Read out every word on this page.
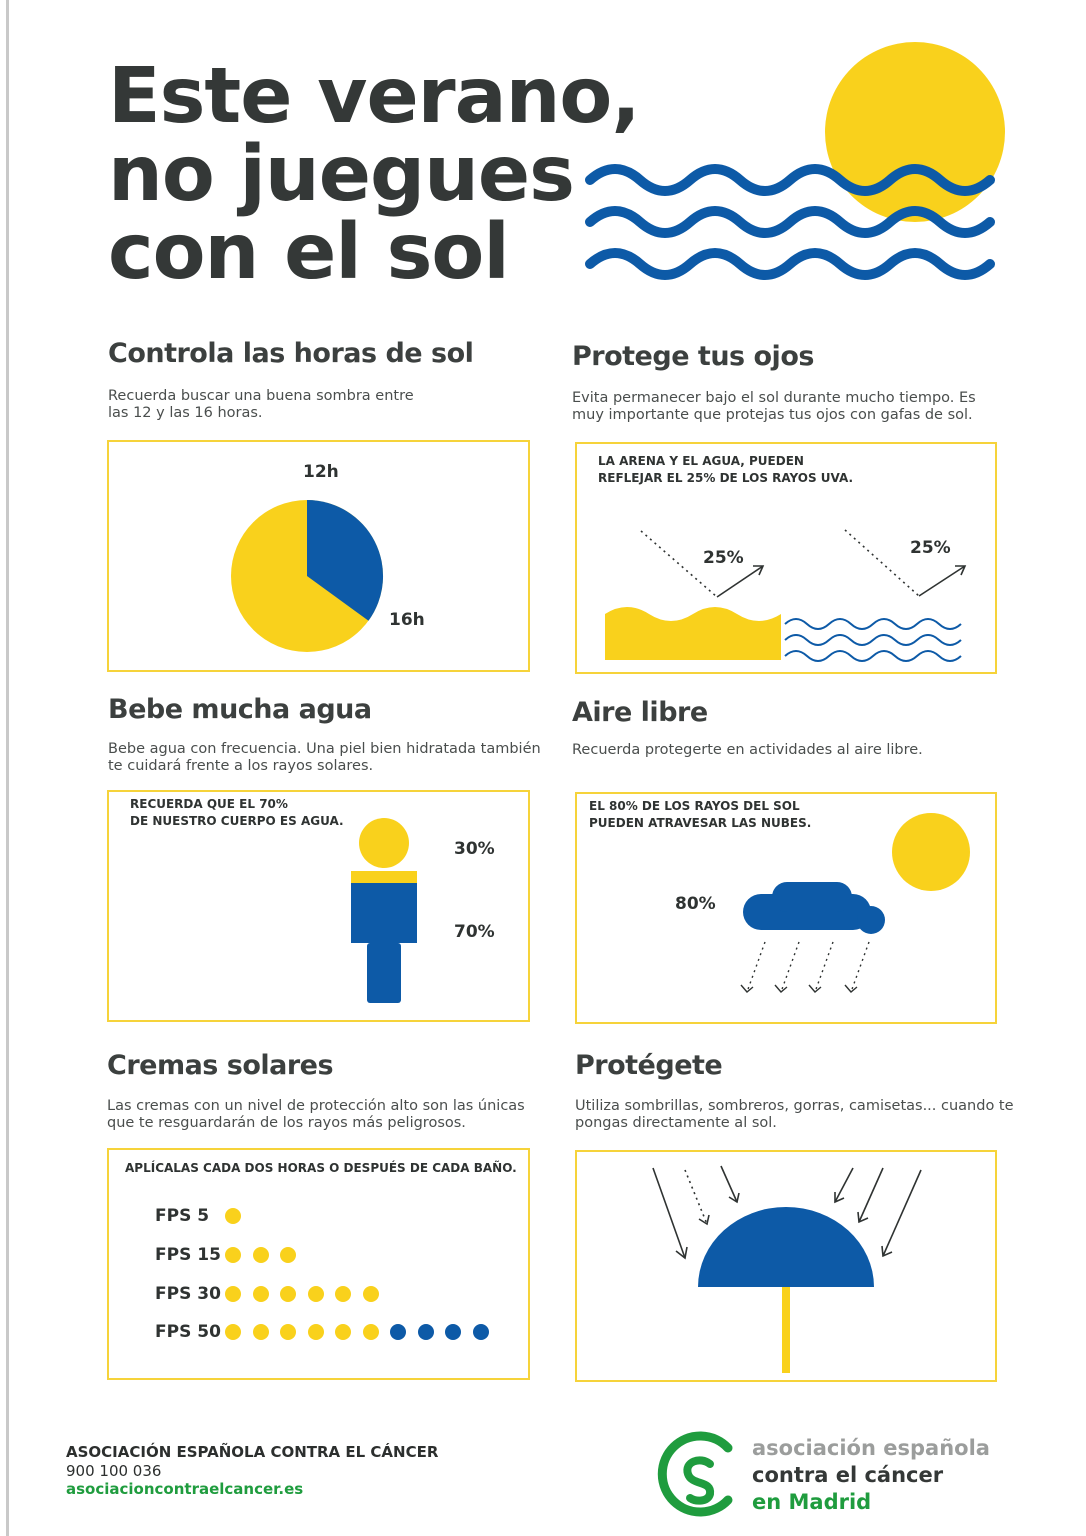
Este verano,
no juegues
con el sol
Controla las horas de sol

Recuerda buscar una buena sombra entre
las 12 y las 16 horas.

12h
16h
Protege tus ojos

Evita permanecer bajo el sol durante mucho tiempo. Es
muy importante que protejas tus ojos con gafas de sol.

LA ARENA Y EL AGUA, PUEDEN
REFLEJAR EL 25% DE LOS RAYOS UVA.

25%	25%
Bebe mucha agua

Bebe agua con frecuencia. Una piel bien hidratada también
te cuidará frente a los rayos solares.

RECUERDA QUE EL 70%
DE NUESTRO CUERPO ES AGUA.

30%
70%
Aire libre

Recuerda protegerte en actividades al aire libre.

EL 80% DE LOS RAYOS DEL SOL
PUEDEN ATRAVESAR LAS NUBES.

80%
Cremas solares

Las cremas con un nivel de protección alto son las únicas
que te resguardarán de los rayos más peligrosos.

APLÍCALAS CADA DOS HORAS O DESPUÉS DE CADA BAÑO.

FPS 5
FPS 15
FPS 30
FPS 50
Protégete

Utiliza sombrillas, sombreros, gorras, camisetas... cuando te
pongas directamente al sol.

ASOCIACIÓN ESPAÑOLA CONTRA EL CÁNCER
900 100 036
asociacioncontraelcancer.es
asociación española
contra el cáncer
en Madrid
